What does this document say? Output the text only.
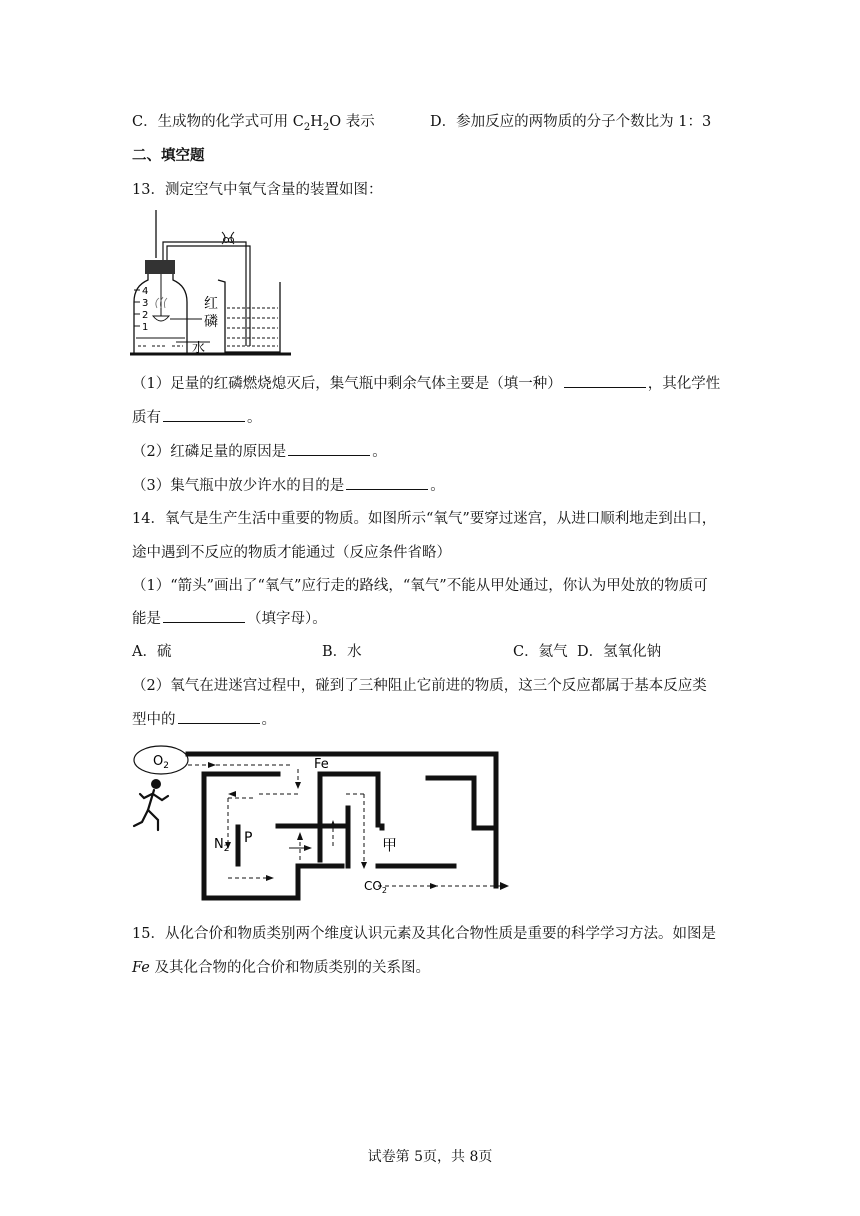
C．生成物的化学式可用 $C_2H_2O$ 表示	D．参加反应的两物质的分子个数比为 1：3
二、填空题
13．测定空气中氧气含量的装置如图：
4
3
2
1
红
磷
水
（1）足量的红磷燃烧熄灭后，集气瓶中剩余气体主要是（填一种）	，其化学性
质有	。
（2）红磷足量的原因是	。
（3）集气瓶中放少许水的目的是	。
14．氧气是生产生活中重要的物质。如图所示“氧气”要穿过迷宫，从进口顺利地走到出口，
途中遇到不反应的物质才能通过（反应条件省略）
（1）“箭头”画出了“氧气”应行走的路线，“氧气”不能从甲处通过，你认为甲处放的物质可
能是	（填字母）。
A．硫	B．水	C．氦气 D．氢氧化钠
（2）氧气在进迷宫过程中，碰到了三种阻止它前进的物质，这三个反应都属于基本反应类
型中的	。
$O_2$	Fe
$N_2$
P	甲
$CO_2$
15．从化合价和物质类别两个维度认识元素及其化合物性质是重要的科学学习方法。如图是
Fe 及其化合物的化合价和物质类别的关系图。
试卷第 5页，共 8页
